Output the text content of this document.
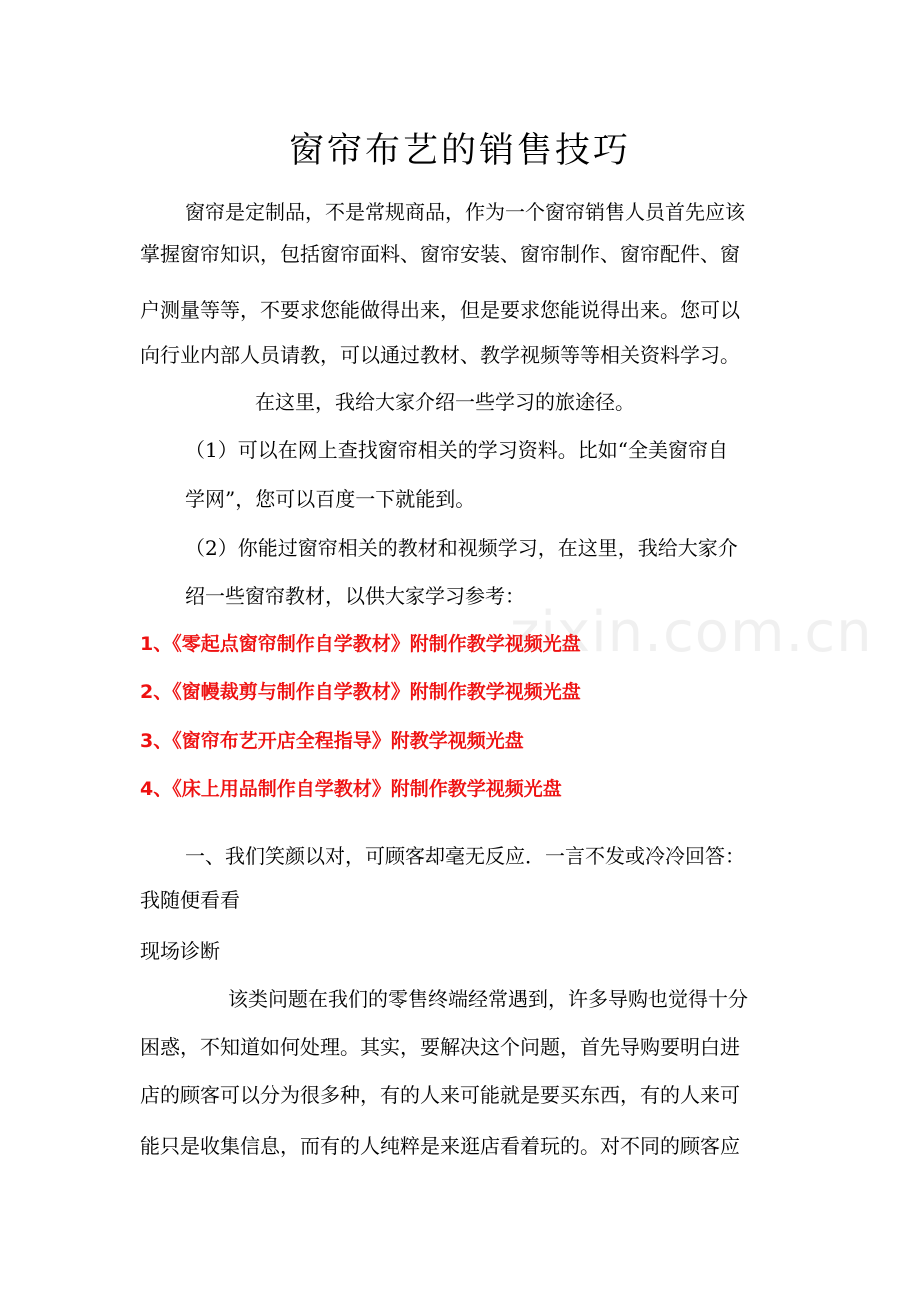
zixin.com.cn
窗帘布艺的销售技巧
窗帘是定制品，不是常规商品，作为一个窗帘销售人员首先应该
掌握窗帘知识，包括窗帘面料、窗帘安装、窗帘制作、窗帘配件、窗
户测量等等，不要求您能做得出来，但是要求您能说得出来。您可以
向行业内部人员请教，可以通过教材、教学视频等等相关资料学习。
在这里，我给大家介绍一些学习的旅途径。
（1）可以在网上查找窗帘相关的学习资料。比如“全美窗帘自
学网”，您可以百度一下就能到。
（2）你能过窗帘相关的教材和视频学习，在这里，我给大家介
绍一些窗帘教材，以供大家学习参考：
1、《零起点窗帘制作自学教材》附制作教学视频光盘
2、《窗幔裁剪与制作自学教材》附制作教学视频光盘
3、《窗帘布艺开店全程指导》附教学视频光盘
4、《床上用品制作自学教材》附制作教学视频光盘
一、我们笑颜以对，可顾客却毫无反应．一言不发或冷冷回答：
我随便看看
现场诊断
该类问题在我们的零售终端经常遇到，许多导购也觉得十分
困惑，不知道如何处理。其实，要解决这个问题，首先导购要明白进
店的顾客可以分为很多种，有的人来可能就是要买东西，有的人来可
能只是收集信息，而有的人纯粹是来逛店看着玩的。对不同的顾客应
